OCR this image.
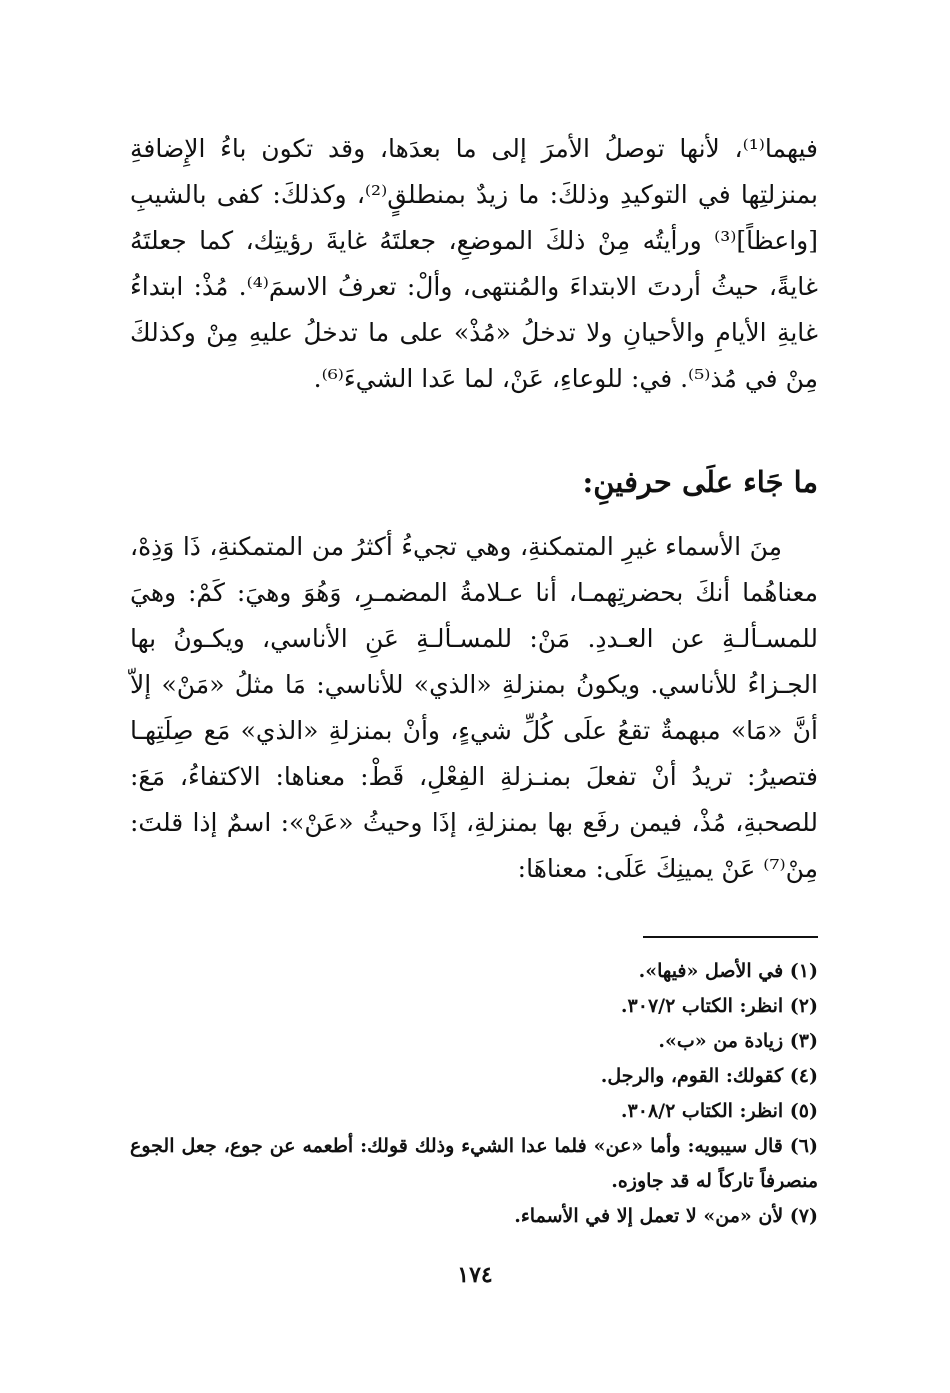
فيهما⁽¹⁾، لأنها توصلُ الأمرَ إلى ما بعدَها، وقد تكون باءُ الإِضافةِ بمنزلتِها في التوكيدِ وذلكَ: ما زيدٌ بمنطلقٍ⁽²⁾، وكذلكَ: كفى بالشيبِ [واعظاً]⁽³⁾ ورأيتُه مِنْ ذلكَ الموضعِ، جعلتَهُ غايةَ رؤيتِك، كما جعلتَهُ غايةً، حيثُ أردتَ الابتداءَ والمُنتهى، وألْ: تعرفُ الاسمَ⁽⁴⁾. مُذْ: ابتداءُ غايةِ الأيامِ والأحيانِ ولا تدخلُ «مُذْ» على ما تدخلُ عليهِ مِنْ وكذلكَ مِنْ في مُذ⁽⁵⁾. في: للوعاءِ، عَنْ، لما عَدا الشيءَ⁽⁶⁾.

ما جَاء علَى حرفينِ:

مِنَ الأسماء غيرِ المتمكنةِ، وهي تجيءُ أكثرُ من المتمكنةِ، ذَا وَذِهْ، معناهُما أنكَ بحضرتِهمـا، أنا عـلامةُ المضمـرِ، وَهُوَ وهيَ: كَمْ: وهيَ للمسـألـةِ عن العـددِ. مَنْ: للمسـألـةِ عَنِ الأناسي، ويكـونُ بها الجـزاءُ للأناسي. ويكونُ بمنزلةِ «الذي» للأناسي: مَا مثلُ «مَنْ» إلاّ أنَّ «مَا» مبهمةٌ تقعُ علَى كُلِّ شيءٍ، وأنْ بمنزلةِ «الذي» مَع صِلَتِهـا فتصيرُ: تريدُ أنْ تفعلَ بمنـزلةِ الفِعْلِ، قَطْ: معناها: الاكتفاءُ، مَعَ: للصحبةِ، مُذْ، فيمن رفَع بها بمنزلةِ، إذَا وحيثُ «عَنْ»: اسمٌ إذا قلتَ: مِنْ⁽⁷⁾ عَنْ يمينِكَ عَلَى: معناهَا:

(١) في الأصل «فيها».
(٢) انظر: الكتاب ٣٠٧/٢.
(٣) زيادة من «ب».
(٤) كقولك: القوم، والرجل.
(٥) انظر: الكتاب ٣٠٨/٢.
(٦) قال سيبويه: وأما «عن» فلما عدا الشيء وذلك قولك: أطعمه عن جوع، جعل الجوع منصرفاً تاركاً له قد جاوزه.
(٧) لأن «من» لا تعمل إلا في الأسماء.
١٧٤
